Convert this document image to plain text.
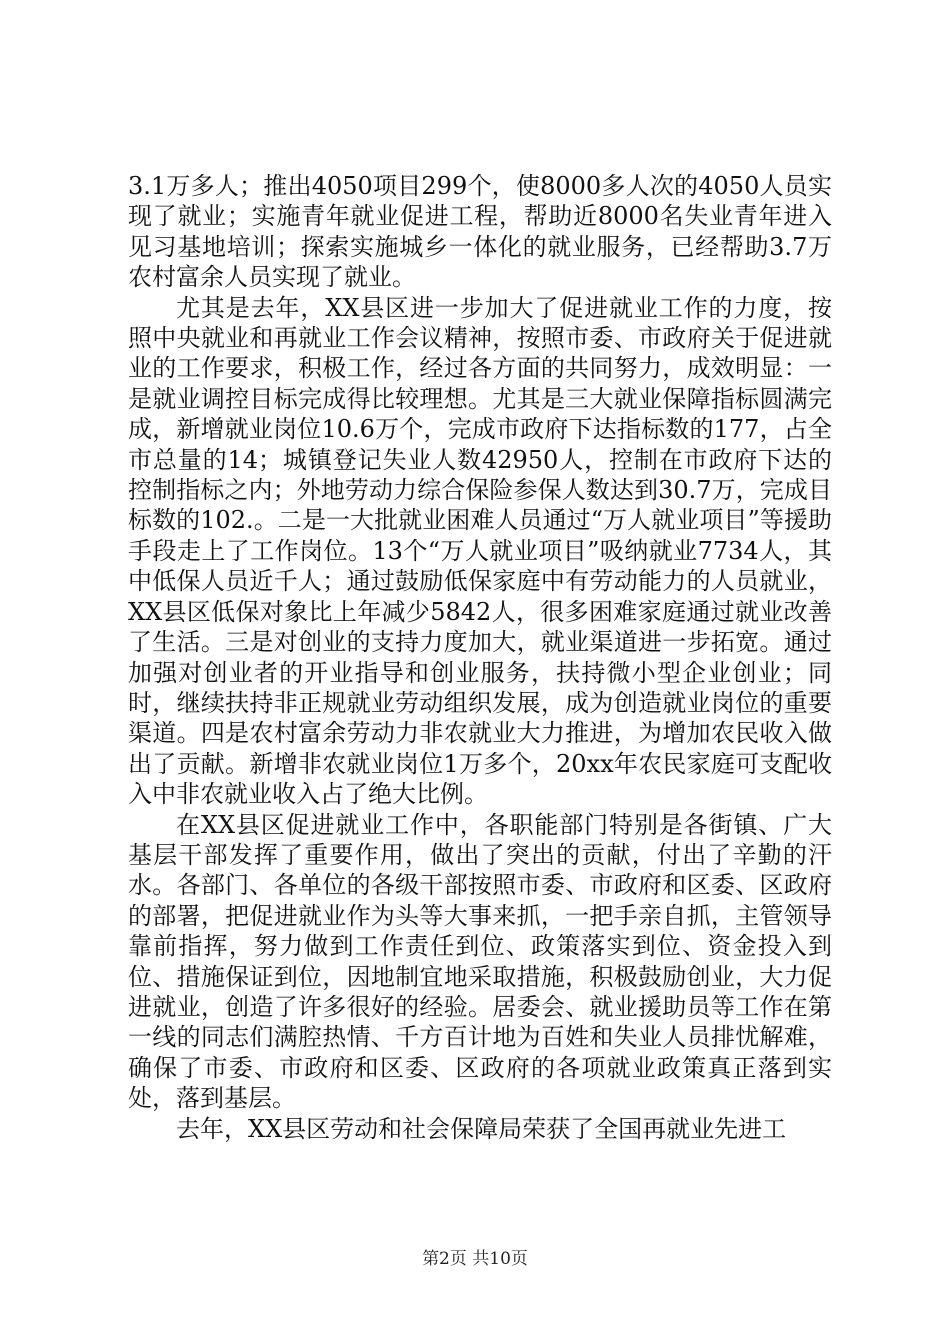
3.1万多人；推出4050项目299个，使8000多人次的4050人员实现了就业；实施青年就业促进工程，帮助近8000名失业青年进入见习基地培训；探索实施城乡一体化的就业服务，已经帮助3.7万农村富余人员实现了就业。

尤其是去年，XX县区进一步加大了促进就业工作的力度，按照中央就业和再就业工作会议精神，按照市委、市政府关于促进就业的工作要求，积极工作，经过各方面的共同努力，成效明显：一是就业调控目标完成得比较理想。尤其是三大就业保障指标圆满完成，新增就业岗位10.6万个，完成市政府下达指标数的177，占全市总量的14；城镇登记失业人数42950人，控制在市政府下达的控制指标之内；外地劳动力综合保险参保人数达到30.7万，完成目标数的102.。二是一大批就业困难人员通过“万人就业项目”等援助手段走上了工作岗位。13个“万人就业项目”吸纳就业7734人，其中低保人员近千人；通过鼓励低保家庭中有劳动能力的人员就业，XX县区低保对象比上年减少5842人，很多困难家庭通过就业改善了生活。三是对创业的支持力度加大，就业渠道进一步拓宽。通过加强对创业者的开业指导和创业服务，扶持微小型企业创业；同时，继续扶持非正规就业劳动组织发展，成为创造就业岗位的重要渠道。四是农村富余劳动力非农就业大力推进，为增加农民收入做出了贡献。新增非农就业岗位1万多个，20xx年农民家庭可支配收入中非农就业收入占了绝大比例。

在XX县区促进就业工作中，各职能部门特别是各街镇、广大基层干部发挥了重要作用，做出了突出的贡献，付出了辛勤的汗水。各部门、各单位的各级干部按照市委、市政府和区委、区政府的部署，把促进就业作为头等大事来抓，一把手亲自抓，主管领导靠前指挥，努力做到工作责任到位、政策落实到位、资金投入到位、措施保证到位，因地制宜地采取措施，积极鼓励创业，大力促进就业，创造了许多很好的经验。居委会、就业援助员等工作在第一线的同志们满腔热情、千方百计地为百姓和失业人员排忧解难，确保了市委、市政府和区委、区政府的各项就业政策真正落到实处，落到基层。

去年，XX县区劳动和社会保障局荣获了全国再就业先进工

第2页 共10页
